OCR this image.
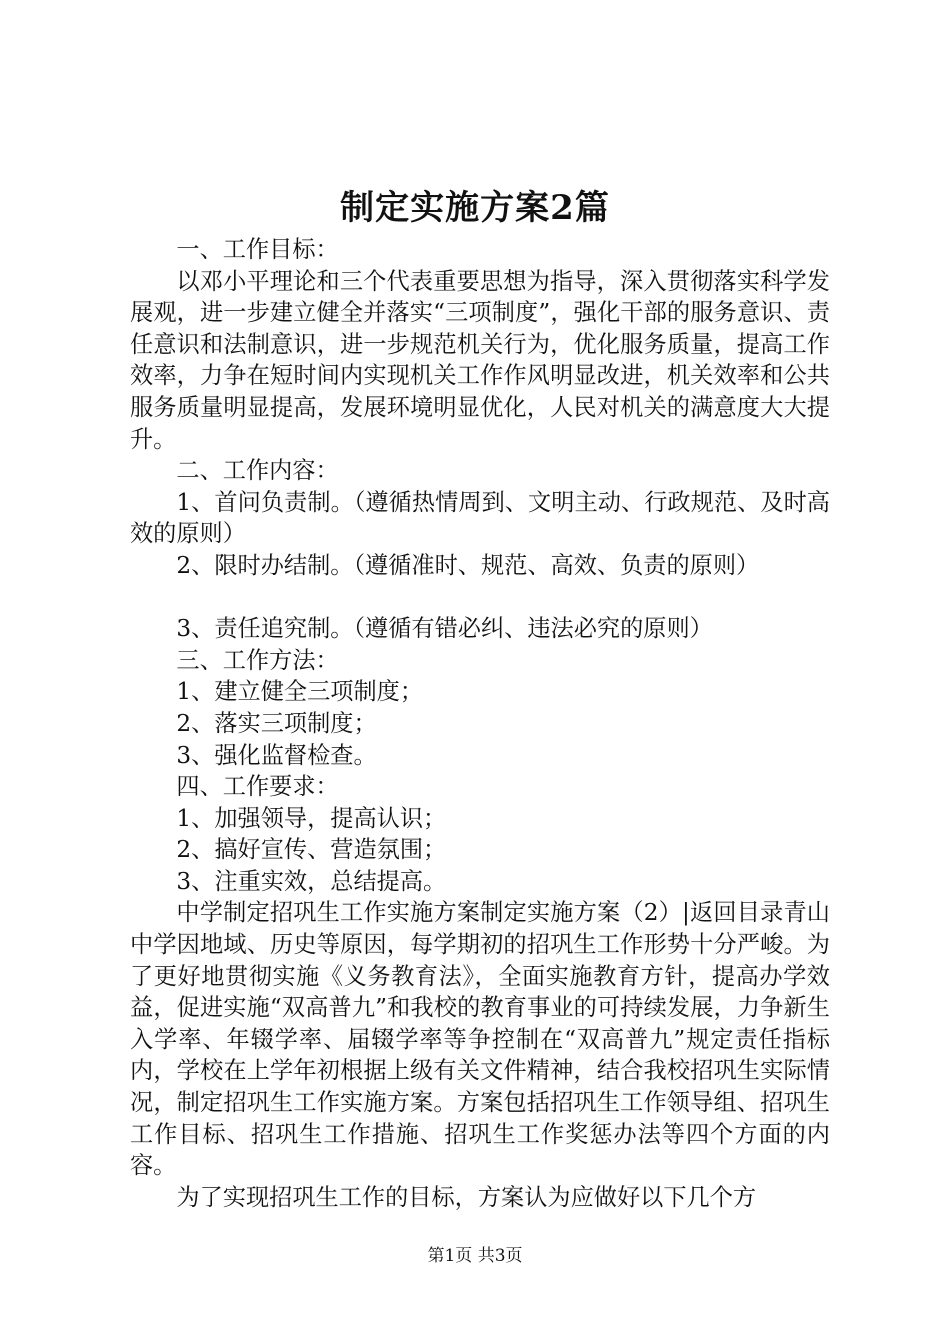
制定实施方案2篇

一、工作目标：

以邓小平理论和三个代表重要思想为指导，深入贯彻落实科学发展观，进一步建立健全并落实“三项制度”，强化干部的服务意识、责任意识和法制意识，进一步规范机关行为，优化服务质量，提高工作效率，力争在短时间内实现机关工作作风明显改进，机关效率和公共服务质量明显提高，发展环境明显优化，人民对机关的满意度大大提升。

二、工作内容：

1、首问负责制。（遵循热情周到、文明主动、行政规范、及时高效的原则）

2、限时办结制。（遵循准时、规范、高效、负责的原则）

3、责任追究制。（遵循有错必纠、违法必究的原则）

三、工作方法：

1、建立健全三项制度；

2、落实三项制度；

3、强化监督检查。

四、工作要求：

1、加强领导，提高认识；

2、搞好宣传、营造氛围；

3、注重实效，总结提高。

中学制定招巩生工作实施方案制定实施方案（2）|返回目录青山中学因地域、历史等原因，每学期初的招巩生工作形势十分严峻。为了更好地贯彻实施《义务教育法》，全面实施教育方针，提高办学效益，促进实施“双高普九”和我校的教育事业的可持续发展，力争新生入学率、年辍学率、届辍学率等争控制在“双高普九”规定责任指标内，学校在上学年初根据上级有关文件精神，结合我校招巩生实际情况，制定招巩生工作实施方案。方案包括招巩生工作领导组、招巩生工作目标、招巩生工作措施、招巩生工作奖惩办法等四个方面的内容。

为了实现招巩生工作的目标，方案认为应做好以下几个方

第1页 共3页
